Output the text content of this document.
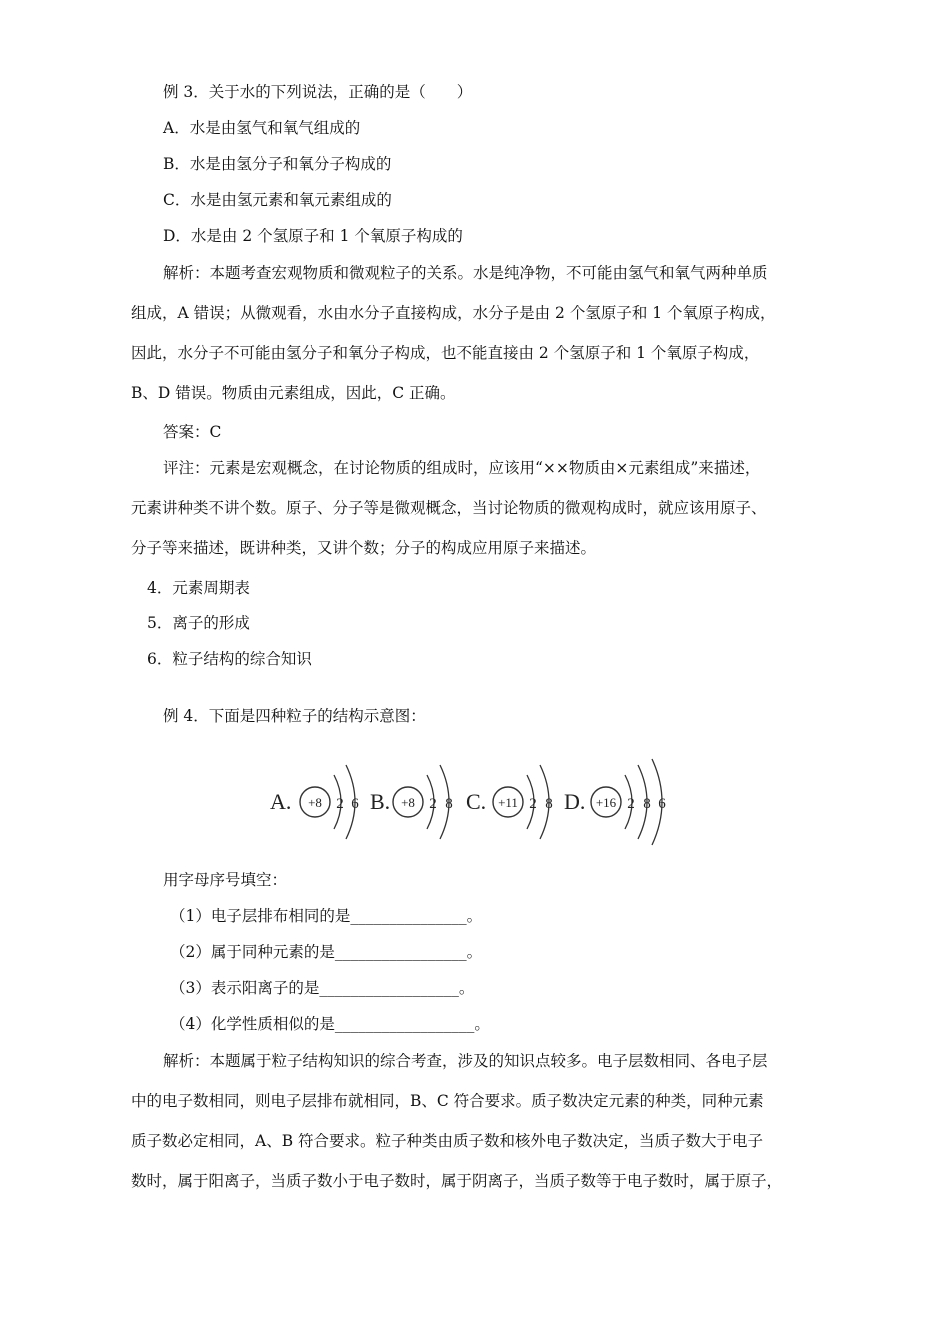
例 3．关于水的下列说法，正确的是（　　）
A．水是由氢气和氧气组成的
B．水是由氢分子和氧分子构成的
C．水是由氢元素和氧元素组成的
D．水是由 2 个氢原子和 1 个氧原子构成的
解析：本题考查宏观物质和微观粒子的关系。水是纯净物，不可能由氢气和氧气两种单质
组成，A 错误；从微观看，水由水分子直接构成，水分子是由 2 个氢原子和 1 个氧原子构成，
因此，水分子不可能由氢分子和氧分子构成，也不能直接由 2 个氢原子和 1 个氧原子构成，
B、D 错误。物质由元素组成，因此，C 正确。
答案：C
评注：元素是宏观概念，在讨论物质的组成时，应该用“××物质由×元素组成”来描述，
元素讲种类不讲个数。原子、分子等是微观概念，当讨论物质的微观构成时，就应该用原子、
分子等来描述，既讲种类，又讲个数；分子的构成应用原子来描述。
4．元素周期表
5．离子的形成
6．粒子结构的综合知识
例 4．下面是四种粒子的结构示意图：
A. +8 2 6 B. +8 2 8 C. +11 2 8 D. +16 2 8 6
用字母序号填空：
（1）电子层排布相同的是_______________。
（2）属于同种元素的是_________________。
（3）表示阳离子的是__________________。
（4）化学性质相似的是__________________。
解析：本题属于粒子结构知识的综合考查，涉及的知识点较多。电子层数相同、各电子层
中的电子数相同，则电子层排布就相同，B、C 符合要求。质子数决定元素的种类，同种元素
质子数必定相同，A、B 符合要求。粒子种类由质子数和核外电子数决定，当质子数大于电子
数时，属于阳离子，当质子数小于电子数时，属于阴离子，当质子数等于电子数时，属于原子，
